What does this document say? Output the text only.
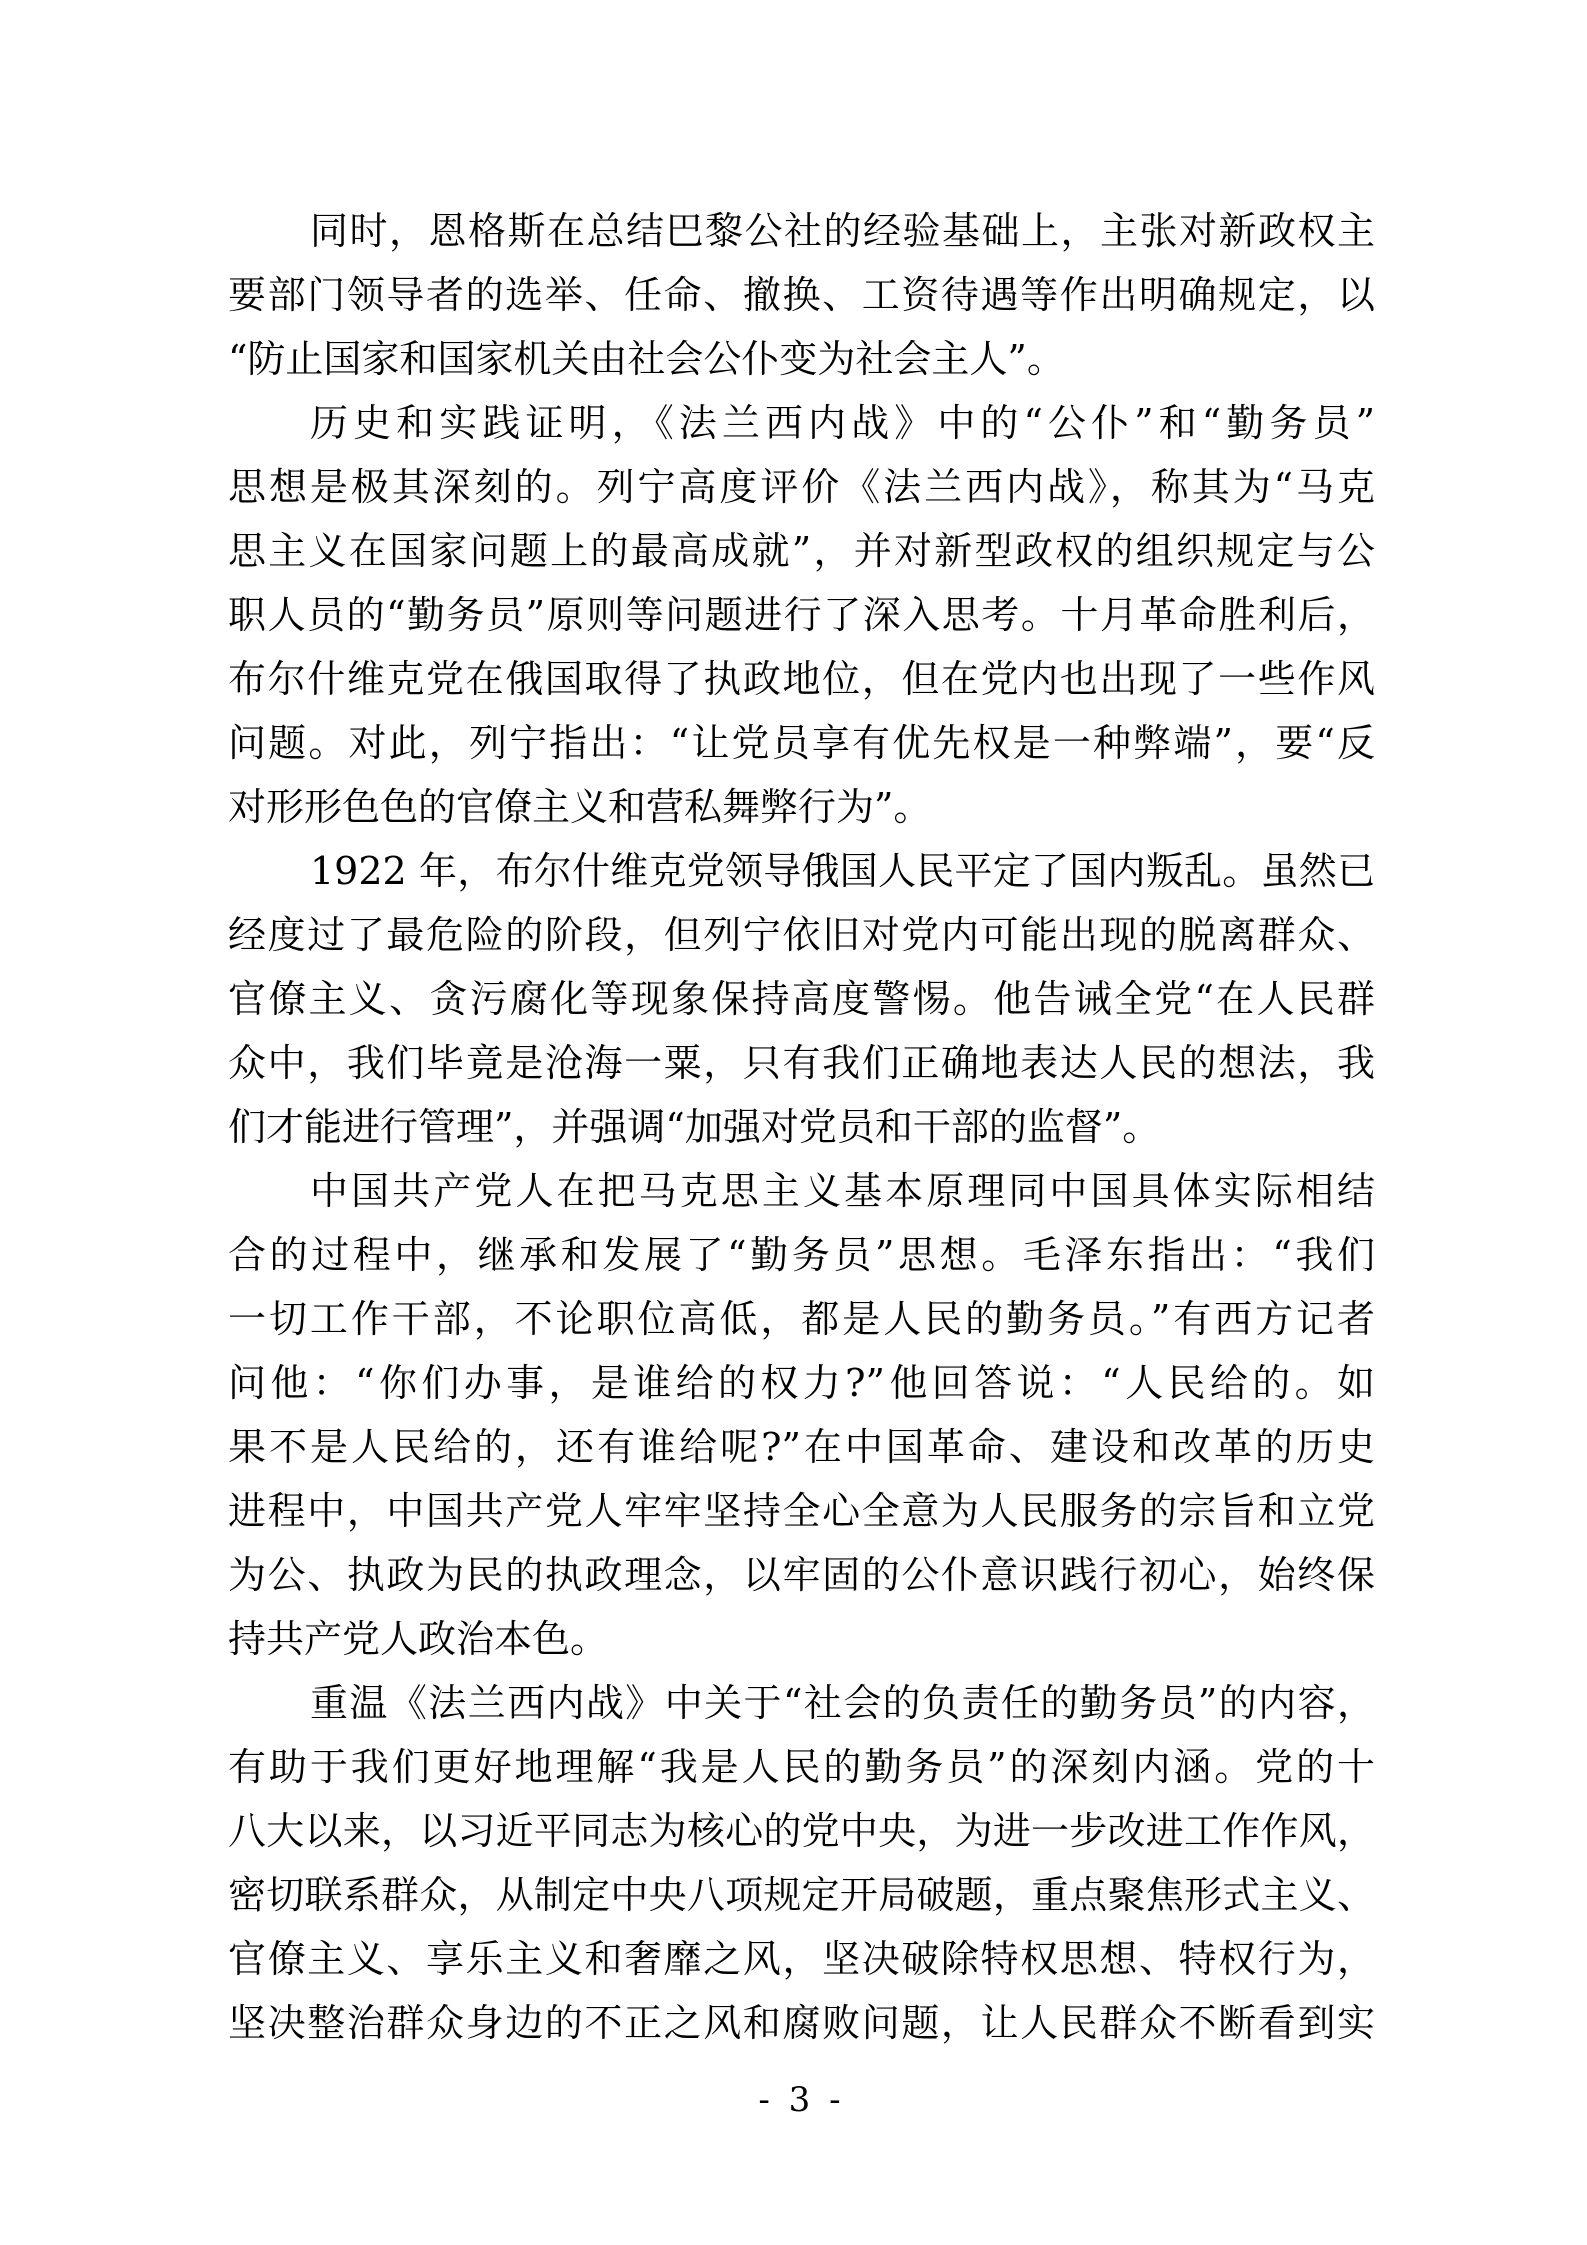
同时，恩格斯在总结巴黎公社的经验基础上，主张对新政权主
要部门领导者的选举、任命、撤换、工资待遇等作出明确规定，以
“防止国家和国家机关由社会公仆变为社会主人”。
历史和实践证明，《法兰西内战》中的“公仆”和“勤务员”
思想是极其深刻的。列宁高度评价《法兰西内战》，称其为“马克
思主义在国家问题上的最高成就”，并对新型政权的组织规定与公
职人员的“勤务员”原则等问题进行了深入思考。十月革命胜利后，
布尔什维克党在俄国取得了执政地位，但在党内也出现了一些作风
问题。对此，列宁指出：“让党员享有优先权是一种弊端”，要“反
对形形色色的官僚主义和营私舞弊行为”。
1922 年，布尔什维克党领导俄国人民平定了国内叛乱。虽然已
经度过了最危险的阶段，但列宁依旧对党内可能出现的脱离群众、
官僚主义、贪污腐化等现象保持高度警惕。他告诫全党“在人民群
众中，我们毕竟是沧海一粟，只有我们正确地表达人民的想法，我
们才能进行管理”，并强调“加强对党员和干部的监督”。
中国共产党人在把马克思主义基本原理同中国具体实际相结
合的过程中，继承和发展了“勤务员”思想。毛泽东指出：“我们
一切工作干部，不论职位高低，都是人民的勤务员。”有西方记者
问他：“你们办事，是谁给的权力?”他回答说：“人民给的。如
果不是人民给的，还有谁给呢?”在中国革命、建设和改革的历史
进程中，中国共产党人牢牢坚持全心全意为人民服务的宗旨和立党
为公、执政为民的执政理念，以牢固的公仆意识践行初心，始终保
持共产党人政治本色。
重温《法兰西内战》中关于“社会的负责任的勤务员”的内容，
有助于我们更好地理解“我是人民的勤务员”的深刻内涵。党的十
八大以来，以习近平同志为核心的党中央，为进一步改进工作作风，
密切联系群众，从制定中央八项规定开局破题，重点聚焦形式主义、
官僚主义、享乐主义和奢靡之风，坚决破除特权思想、特权行为，
坚决整治群众身边的不正之风和腐败问题，让人民群众不断看到实
- 3 -
